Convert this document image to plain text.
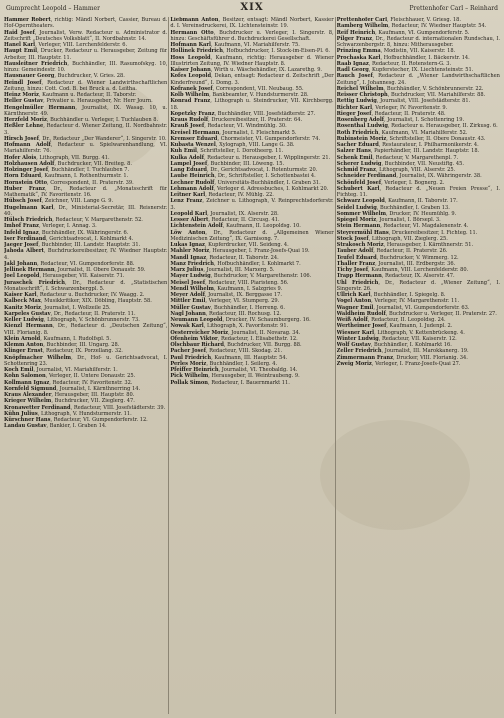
Gumprecht Leopold – Hammer	XIX	Prettenhofer Carl – Reinhard

Hammer Robert, richtig: Mändl Norbert, Cassier, Bureau d. Hof-Operntheaters.

Haid Josef, Journalist, Verw. Redacteur u. Administrator d. Zeitschrift „Deutsches Volksblatt“, II. Nordbahnstr. 14.

Hanel Karl, Verleger, VIII. Lerchenfelderstr. 6.

Haupt Emil, Drucker, Redacteur u. Herausgeber, Zeitung für Arbeiter, III. Hauptstr. 11.

Hausleitner Friedrich, Buchhändler, III. Rasumofskyg. 10, hinzu: Gemeindestr. 10.

Hausnauer Georg, Buchdrucker, V. Gries. 28.

Heindl Josef, Redacteur d. Wiener Landwirthschaftlichen Zeitung, hinzu: Cott. Cod. B. bei Bruck a. d. Leitha.

Heinz Moriz, Kaufmann u. Redacteur, II. Taborstr.

Heller Gustav, Privatier u. Herausgeber, Nr. Herr Journ.

Hengelmüller Hermann, Journalist, IX. Wasag. 10, u. Kärnthnerstr. 49.

Herzfeld Moriz, Buchhändler u. Verleger, I. Tuchlauben 8.

Heßler Lehne, Redacteur d. Wiener Zeitung, II. Nordbahnstr. 3.

Hirsch Josef, Dr., Redacteur „Der Wanderer“, I. Singerstr. 10.

Hofmann Adolf, Redacteur u. Spielwarenhandlung, VI. Mariahilferstr. 76.

Hofer Alois, Lithograph, VII. Burgg. 41.

Holzhausen Adolf, Buchdrucker, VII. Breiteg. 8.

Holzinger Josef, Buchhändler, I. Tuchlauben 7.

Horn Eduard, Kaufmann, I. Rothenthurmstr. 1.

Hornstein Otto, Correspondent, II. Praterstr. 39.

Huber Franz, Dr., Redacteur d. „Monatsschrift für Mathematik“, IV. Favoritenstr. 16.

Hübsch Josef, Zeichner, VIII. Lange G. 9.

Hugelmann Karl, Dr., Ministerial-Secretär, III. Reisnerstr. 40.

Hülsch Friedrich, Redacteur, V. Margarethenstr. 52.

Imhof Franz, Verleger, I. Annag. 3.

Infeld Ignaz, Buchhändler, IX. Währingerstr. 6.

Iser Ferdinand, Gerichtsadvocat, I. Kohlmarkt 4.

Jaeger Josef, Buchbinder, III. Landstr. Hauptstr. 31.

Jahoda Albert, Buchdruckereibesitzer, IV. Wiedner Hauptstr. 4.

Jakl Johann, Redacteur, VI. Gumpendorferstr. 88.

Jellinek Hermann, Journalist, II. Obere Donaustr. 59.

Joel Leopold, Herausgeber, VII. Kaiserstr. 71.

Juraschek Friedrich, Dr., Redacteur d. „Statistischen Monatsschrift“, I. Schwarzenbergpl. 5.

Kaiser Karl, Redacteur u. Buchdrucker, IV. Waagg. 2.

Kalbeck Max, Musikkritiker, XIX. Döbling, Hauptstr. 58.

Kanitz Moriz, Journalist, I. Wollzeile 25.

Karpeles Gustav, Dr., Redacteur, II. Praterstr. 11.

Keller Ludwig, Lithograph, V. Schönbrunnerstr. 73.

Kienzl Hermann, Dr., Redacteur d. „Deutschen Zeitung“, VIII. Florianig. 8.

Klein Arnold, Kaufmann, I. Rudolfspl. 5.

Klemm Anton, Buchbinder, III. Ungarg. 28.

Klinger Ernst, Redacteur, IX. Porzellang. 32.

Knöpfmacher Wilhelm, Dr., Hof- u. Gerichtsadvocat, I. Schottenring 23.

Koch Emil, Journalist, VI. Mariahilferstr. 1.

Kohn Salomon, Verleger, II. Untere Donaustr. 25.

Kollmann Ignaz, Redacteur, IV. Favoritenstr. 32.

Kornfeld Sigmund, Journalist, I. Kärnthnerring 14.

Kraus Alexander, Herausgeber, III. Hauptstr. 80.

Krieger Wilhelm, Buchdrucker, VII. Zieglerg. 47.

Kronawetter Ferdinand, Redacteur, VIII. Josefstädterstr. 39.

Kühn Julius, Lithograph, V. Hundsturmerstr. 11.

Kürschner Hans, Redacteur, VI. Gumpendorferstr. 12.

Landau Gustav, Bankier, I. Graben 14.

Liebmann Anton, Besitzer, entsagt: Mändl Norbert, Kassier d. I. Vereinsdruckerei, IX. Lichtensteinstr. 19.

Hermann Otto, Buchdrucker u. Verleger, I. Singerstr. 8, hinzu: Geschäftsführer d. Buchdruckerei Gesellschaft.

Hofmann Karl, Kaufmann, VI. Mariahilferstr. 75.

Hollinek Friedrich, Hofbuchdrucker, I. Stock-im-Eisen-Pl. 6.

Hoss Leopold, Kaufmann, richtig: Herausgeber d. Wiener Illustrirten Zeitung, IV. Wiedner Hauptstr. 8.

Kaiser Johann, Wirth u. Wäschehändler, IX. Lazarethg. 9.

Kofes Leopold, Dekan, entsagt: Redacteur d. Zeitschrift „Der Kinderfreund“, I. Domg. 3.

Kofranek Josef, Correspondent, VII. Neubaug. 55.

Kolb Wilhelm, Bankbeamter, V. Hundsturmerstr. 28.

Konrad Franz, Lithograph u. Steindrucker, VII. Kirchbergg. 18.

Kopetzky Franz, Buchhändler, VIII. Josefstädterstr. 27.

Kraus Rudolf, Druckereibesitzer, II. Praterstr. 64.

Krauß Josef, Redacteur, VI. Windmühlg. 30.

Kreisel Hermann, Journalist, I. Fleischmarkt 5.

Kremser Eduard, Chormeister, VI. Gumpendorferstr. 74.

Kubasta Wenzel, Xylograph, VIII. Lange G. 38.

Kuh Emil, Schriftsteller, I. Dorotheerg. 11.

Kulka Adolf, Redacteur u. Herausgeber, I. Wipplingerstr. 21.

Lampel Josef, Buchbinder, III. Löweng. 15.

Lang Eduard, Dr., Gerichtsadvocat, I. Rotenturmstr. 20.

Laube Heinrich, Dr., Schriftsteller, I. Schottenbastei 4.

Lechner Rudolf, Universitäts-Buchhändler, I. Graben 31.

Lehmann Adolf, Verleger d. Adressbuches, I. Kohlmarkt 20.

Leitner Karl, Redacteur, IV. Mühlg. 22.

Lenz Franz, Zeichner u. Lithograph, V. Reinprechtsdorferstr. 3.

Leopold Karl, Journalist, IX. Alserstr. 28.

Lesser Albert, Redacteur, II. Circusg. 41.

Lichtenstein Adolf, Kaufmann, II. Leopoldsg. 10.

Löw Anton, Dr., Redacteur d. „Allgemeinen Wiener Medizinischen Zeitung“, IX. Garnisong. 7.

Lukas Ignaz, Kupferdrucker, VII. Seideng. 4.

Mahler Moriz, Herausgeber, I. Franz-Josefs-Quai 19.

Mandl Ignaz, Redacteur, II. Taborstr. 24.

Manz Friedrich, Hofbuchhändler, I. Kohlmarkt 7.

Marx Julius, Journalist, III. Marxerg. 5.

Mayer Ludwig, Buchdrucker, V. Margarethenstr. 106.

Meisel Josef, Redacteur, VIII. Piaristeng. 56.

Mendl Wilhelm, Kaufmann, I. Salzgries 9.

Meyer Adolf, Journalist, IX. Berggasse 17.

Mittler Emil, Verleger, VI. Stumperg. 29.

Müller Gustav, Buchhändler, I. Herreng. 6.

Nagl Johann, Redacteur, III. Rochusg. 12.

Neumann Leopold, Drucker, IV. Schaumburgerg. 16.

Nowak Karl, Lithograph, X. Favoritenstr. 91.

Oesterreicher Moriz, Journalist, II. Novarag. 34.

Ofenheim Viktor, Redacteur, I. Elisabethstr. 12.

Olschbaur Richard, Buchdrucker, VII. Burgg. 88.

Pacher Josef, Redacteur, VIII. Skodag. 21.

Paul Friedrich, Kaufmann, III. Hauptstr. 54.

Perles Moriz, Buchhändler, I. Seilerg. 4.

Pfeiffer Heinrich, Journalist, VI. Theobaldg. 14.

Pick Wilhelm, Herausgeber, II. Weintraubeng. 9.

Pollak Simon, Redacteur, I. Bauernmarkt 11.

Prettenhofer Carl, Fleischhauer, V. Griesg. 18.

Ramberg Wilhelm, Redacteur, IV. Wiedner Hauptstr. 54.

Reif Heinrich, Kaufmann, VI. Gumpendorferstr. 5.

Pilger Franz, Dr., Redacteur d. internationalen Rundschau, I. Schwarzenbergstr. 8, hinzu: Mitherausgeber.

Prinzing Emma, Modistin, VII. Kaiserstr. 18.

Prochaska Karl, Hofbuchhändler, I. Bäckerstr. 14.

Raab Ignaz, Redacteur, II. Rotenstern-G. 3.

Radl Georg, Kupferstecher, IX. Liechtensteinstr. 51.

Rauch Josef, Redacteur d. „Wiener Landwirthschaftlichen Zeitung“, I. Johannesg. 24.

Reichel Wilhelm, Buchhändler, V. Schönbrunnerstr. 22.

Reisser Christoph, Buchdrucker, VII. Mariahilferstr. 88.

Rettig Ludwig, Journalist, VIII. Josefstädterstr. 81.

Richter Karl, Verleger, IV. Favoritenstr. 9.

Rieger Josef, Redacteur, II. Praterstr. 48.

Rosenberg Adolf, Journalist, I. Schottenring 19.

Rosenthal Ludwig, Redacteur u. Herausgeber, II. Zirkusg. 6.

Roth Friedrich, Kaufmann, VI. Mariahilferstr. 52.

Rubinstein Moriz, Schriftsteller, II. Obere Donaustr. 43.

Sacher Eduard, Restaurateur, I. Philharmonikerstr. 4.

Salzer Hans, Papierhändler, III. Landstr. Hauptstr. 18.

Schenk Emil, Redacteur, V. Margarethenpl. 7.

Scherer Ludwig, Buchbinder, VII. Neustiftg. 45.

Schmid Franz, Lithograph, VIII. Alserstr. 25.

Schneider Ferdinand, Journalist, IX. Währingerstr. 38.

Schönfeld Josef, Verleger, I. Bognerg. 2.

Schubert Karl, Redacteur d. „Neuen Freien Presse“, I. Fichteg. 11.

Schwarz Leopold, Kaufmann, II. Taborstr. 17.

Seidel Ludwig, Buchhändler, I. Graben 13.

Sommer Wilhelm, Drucker, IV. Heumühlg. 9.

Spiegel Moriz, Journalist, I. Börsepl. 3.

Stein Hermann, Redacteur, VI. Magdalenenstr. 4.

Steyrermühl Hans, Druckereibesitzer, I. Fichteg. 11.

Stock Josef, Lithograph, VII. Zieglerg. 25.

Strakosch Moriz, Herausgeber, I. Kärnthnerstr. 51.

Tauber Adolf, Redacteur, II. Praterstr. 26.

Teufel Eduard, Buchdrucker, V. Wimmerg. 12.

Thaller Franz, Journalist, III. Erdbergstr. 36.

Tichy Josef, Kaufmann, VIII. Lerchenfelderstr. 80.

Trapp Hermann, Redacteur, IX. Alserstr. 47.

Uhl Friedrich, Dr., Redacteur d. „Wiener Zeitung“, I. Singerstr. 26.

Ullrich Karl, Buchhändler, I. Spiegelg. 8.

Vogel Anton, Verleger, IV. Margarethenstr. 11.

Wagner Emil, Journalist, VI. Gumpendorferstr. 63.

Waldheim Rudolf, Buchdrucker u. Verleger, II. Praterstr. 27.

Weiß Adolf, Redacteur, II. Leopoldsg. 24.

Wertheimer Josef, Kaufmann, I. Judenpl. 2.

Wiesner Karl, Lithograph, V. Kettenbrückeng. 4.

Winter Ludwig, Redacteur, VII. Kaiserstr. 12.

Wolf Gustav, Buchhändler, I. Kohlmarkt 16.

Zeller Friedrich, Journalist, III. Marokkanerg. 19.

Zimmermann Franz, Drucker, VIII. Florianig. 34.

Zweig Moriz, Verleger, I. Franz-Josefs-Quai 27.
